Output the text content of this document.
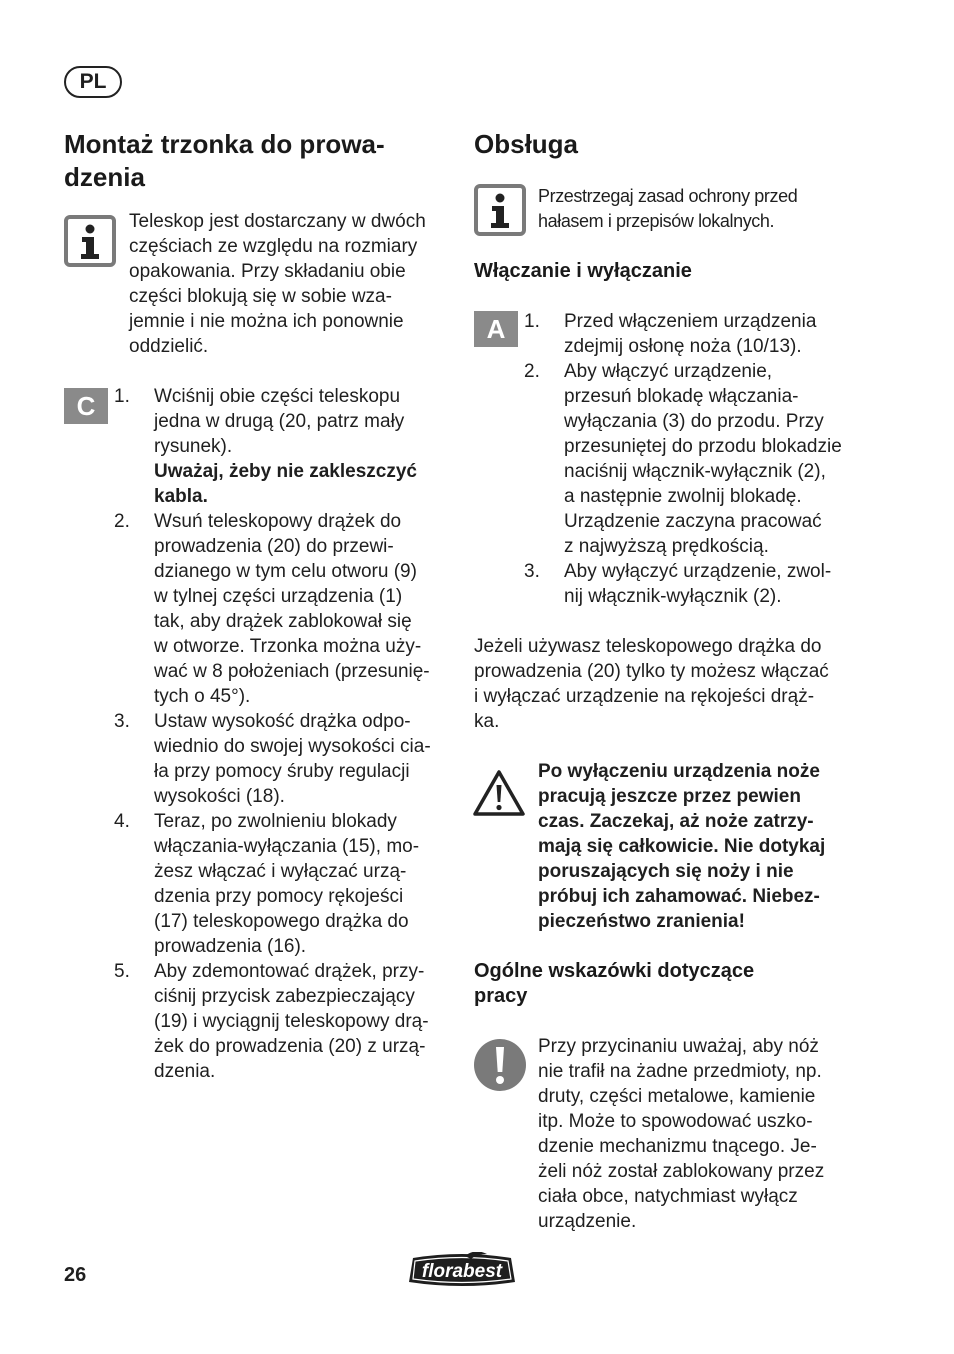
PL
Montaż trzonka do prowa-
dzenia
Teleskop jest dostarczany w dwóch
częściach ze względu na rozmiary
opakowania. Przy składaniu obie
części blokują się w sobie wza-
jemnie i nie można ich ponownie
oddzielić.
C 1. Wciśnij obie części teleskopu
jedna w drugą (20, patrz mały
rysunek).
Uważaj, żeby nie zakleszczyć
kabla.
2. Wsuń teleskopowy drążek do
prowadzenia (20) do przewi-
dzianego w tym celu otworu (9)
w tylnej części urządzenia (1)
tak, aby drążek zablokował się
w otworze. Trzonka można uży-
wać w 8 położeniach (przesunię-
tych o 45°).
3. Ustaw wysokość drążka odpo-
wiednio do swojej wysokości cia-
ła przy pomocy śruby regulacji
wysokości (18).
4. Teraz, po zwolnieniu blokady
włączania-wyłączania (15), mo-
żesz włączać i wyłączać urzą-
dzenia przy pomocy rękojeści
(17) teleskopowego drążka do
prowadzenia (16).
5. Aby zdemontować drążek, przy-
ciśnij przycisk zabezpieczający
(19) i wyciągnij teleskopowy drą-
żek do prowadzenia (20) z urzą-
dzenia.
Obsługa
Przestrzegaj zasad ochrony przed
hałasem i przepisów lokalnych.
Włączanie i wyłączanie
A 1. Przed włączeniem urządzenia
zdejmij osłonę noża (10/13).
2. Aby włączyć urządzenie,
przesuń blokadę włączania-
wyłączania (3) do przodu. Przy
przesuniętej do przodu blokadzie
naciśnij włącznik-wyłącznik (2),
a następnie zwolnij blokadę.
Urządzenie zaczyna pracować
z najwyższą prędkością.
3. Aby wyłączyć urządzenie, zwol-
nij włącznik-wyłącznik (2).
Jeżeli używasz teleskopowego drążka do
prowadzenia (20) tylko ty możesz włączać
i wyłączać urządzenie na rękojeści drąż-
ka.
Po wyłączeniu urządzenia noże
pracują jeszcze przez pewien
czas. Zaczekaj, aż noże zatrzy-
mają się całkowicie. Nie dotykaj
poruszających się noży i nie
próbuj ich zahamować. Niebez-
pieczeństwo zranienia!
Ogólne wskazówki dotyczące
pracy
Przy przycinaniu uważaj, aby nóż
nie trafił na żadne przedmioty, np.
druty, części metalowe, kamienie
itp. Może to spowodować uszko-
dzenie mechanizmu tnącego. Je-
żeli nóż został zablokowany przez
ciała obce, natychmiast wyłącz
urządzenie.
26	florabest
